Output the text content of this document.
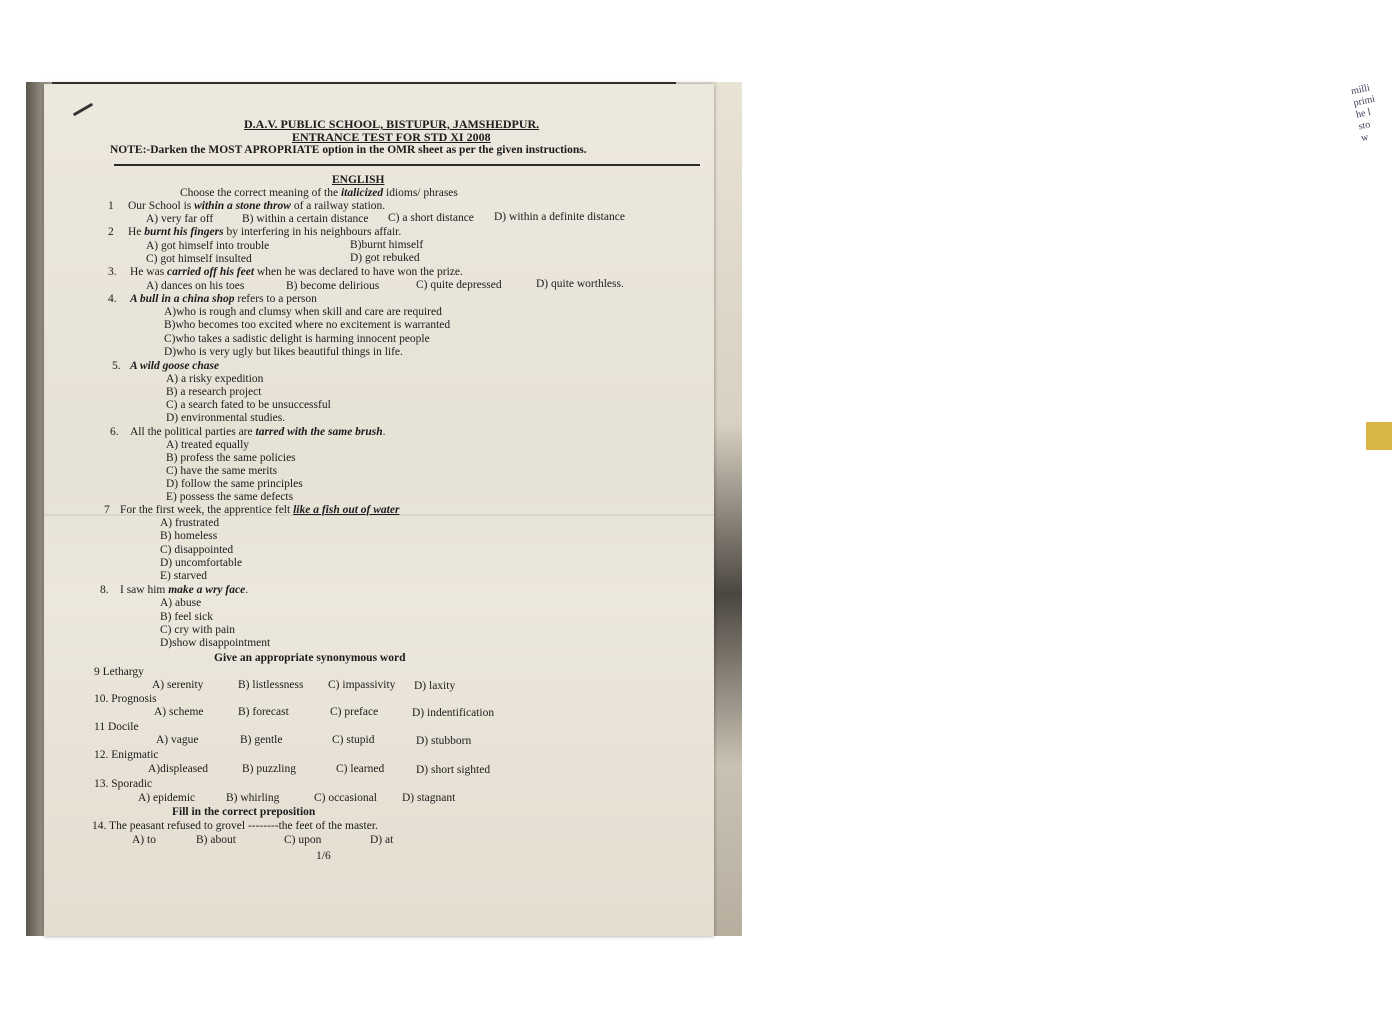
milli
primi
he l
sto
w
D.A.V. PUBLIC SCHOOL, BISTUPUR, JAMSHEDPUR.
ENTRANCE TEST FOR STD XI 2008
NOTE:-Darken the MOST APROPRIATE option in the OMR sheet as per the given instructions.
ENGLISH
Choose the correct meaning of the italicized idioms/ phrases
1 Our School is within a stone throw of a railway station.
A) very far off	B) within a certain distance C) a short distance D) within a definite distance
2 He burnt his fingers by interfering in his neighbours affair.
A) got himself into trouble	B)burnt himself
C) got himself insulted	D) got rebuked
3. He was carried off his feet when he was declared to have won the prize.
A) dances on his toes	B) become delirious	C) quite depressed	D) quite worthless.
4. A bull in a china shop refers to a person
A)who is rough and clumsy when skill and care are required
B)who becomes too excited where no excitement is warranted
C)who takes a sadistic delight is harming innocent people
D)who is very ugly but likes beautiful things in life.
5. A wild goose chase
A) a risky expedition
B) a research project
C) a search fated to be unsuccessful
D) environmental studies.
6. All the political parties are tarred with the same brush.
A) treated equally
B) profess the same policies
C) have the same merits
D) follow the same principles
E) possess the same defects
7 For the first week, the apprentice felt like a fish out of water
A) frustrated
B) homeless
C) disappointed
D) uncomfortable
E) starved
8. I saw him make a wry face.
A) abuse
B) feel sick
C) cry with pain
D)show disappointment
Give an appropriate synonymous word
9 Lethargy
A) serenity	B) listlessness C) impassivity D) laxity
10. Prognosis
A) scheme	B) forecast	C) preface	D) indentification
11 Docile
A) vague	B) gentle	C) stupid	D) stubborn
12. Enigmatic
A)displeased	B) puzzling	C) learned	D) short sighted
13. Sporadic
A) epidemic	B) whirling	C) occasional D) stagnant
Fill in the correct preposition
14. The peasant refused to grovel --------the feet of the master.
A) to	B) about	C) upon	D) at
1/6
